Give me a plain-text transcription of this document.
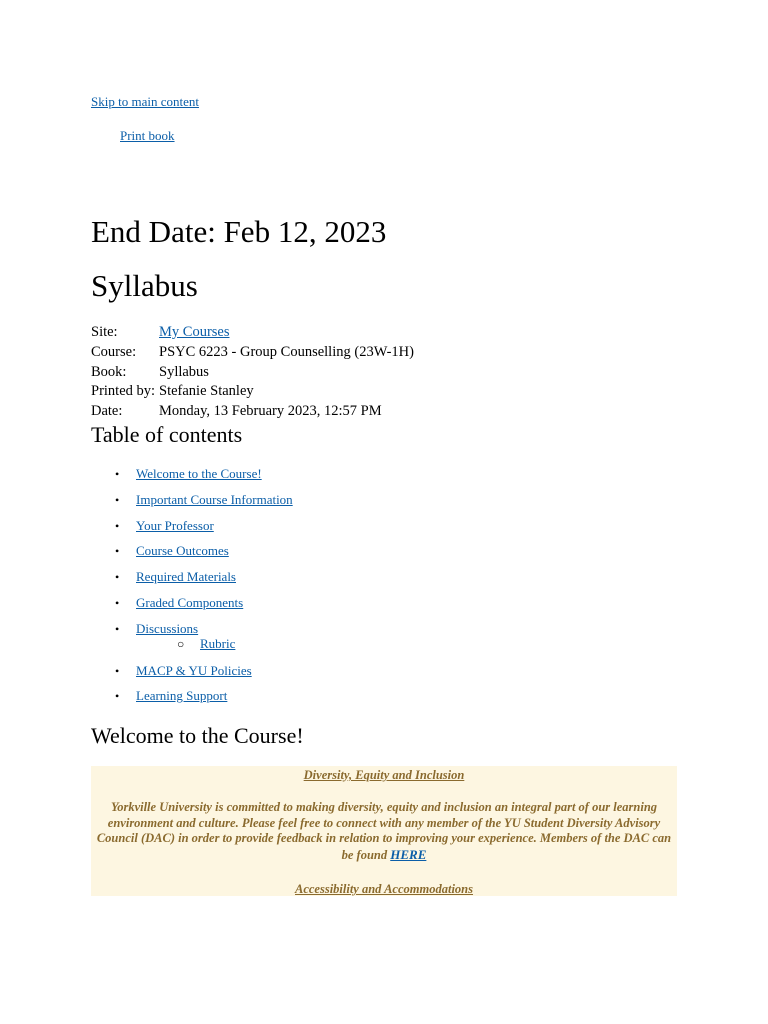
Skip to main content
Print book
End Date: Feb 12, 2023
Syllabus
Site:	My Courses
Course:	PSYC 6223 - Group Counselling (23W-1H)
Book:	Syllabus
Printed by: Stefanie Stanley
Date:	Monday, 13 February 2023, 12:57 PM
Table of contents
• Welcome to the Course!
• Important Course Information
• Your Professor
• Course Outcomes
• Required Materials
• Graded Components
• Discussions
○ Rubric
• MACP & YU Policies
• Learning Support
Welcome to the Course!

Diversity, Equity and Inclusion

Yorkville University is committed to making diversity, equity and inclusion an integral part of our learning environment and culture. Please feel free to connect with any member of the YU Student Diversity Advisory Council (DAC) in order to provide feedback in relation to improving your experience. Members of the DAC can be found HERE

Accessibility and Accommodations
